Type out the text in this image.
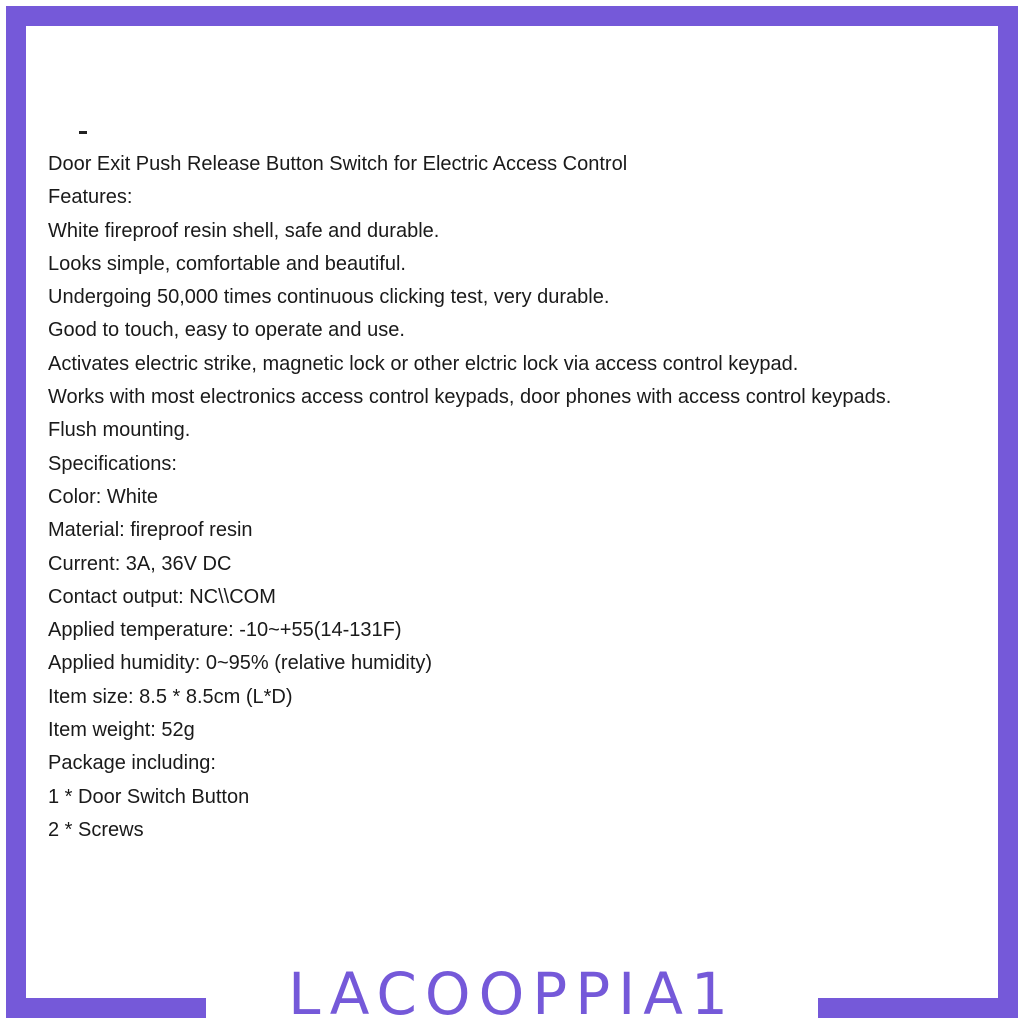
Door Exit Push Release Button Switch for Electric Access Control
Features:
White fireproof resin shell, safe and durable.
Looks simple, comfortable and beautiful.
Undergoing 50,000 times continuous clicking test, very durable.
Good to touch, easy to operate and use.
Activates electric strike, magnetic lock or other elctric lock via access control keypad.
Works with most electronics access control keypads, door phones with access control keypads.
Flush mounting.
Specifications:
Color: White
Material: fireproof resin
Current: 3A, 36V DC
Contact output: NC\\COM
Applied temperature: -10~+55(14-131F)
Applied humidity: 0~95% (relative humidity)
Item size: 8.5 * 8.5cm (L*D)
Item weight: 52g
Package including:
1 * Door Switch Button
2 * Screws
LACOOPPIA1
